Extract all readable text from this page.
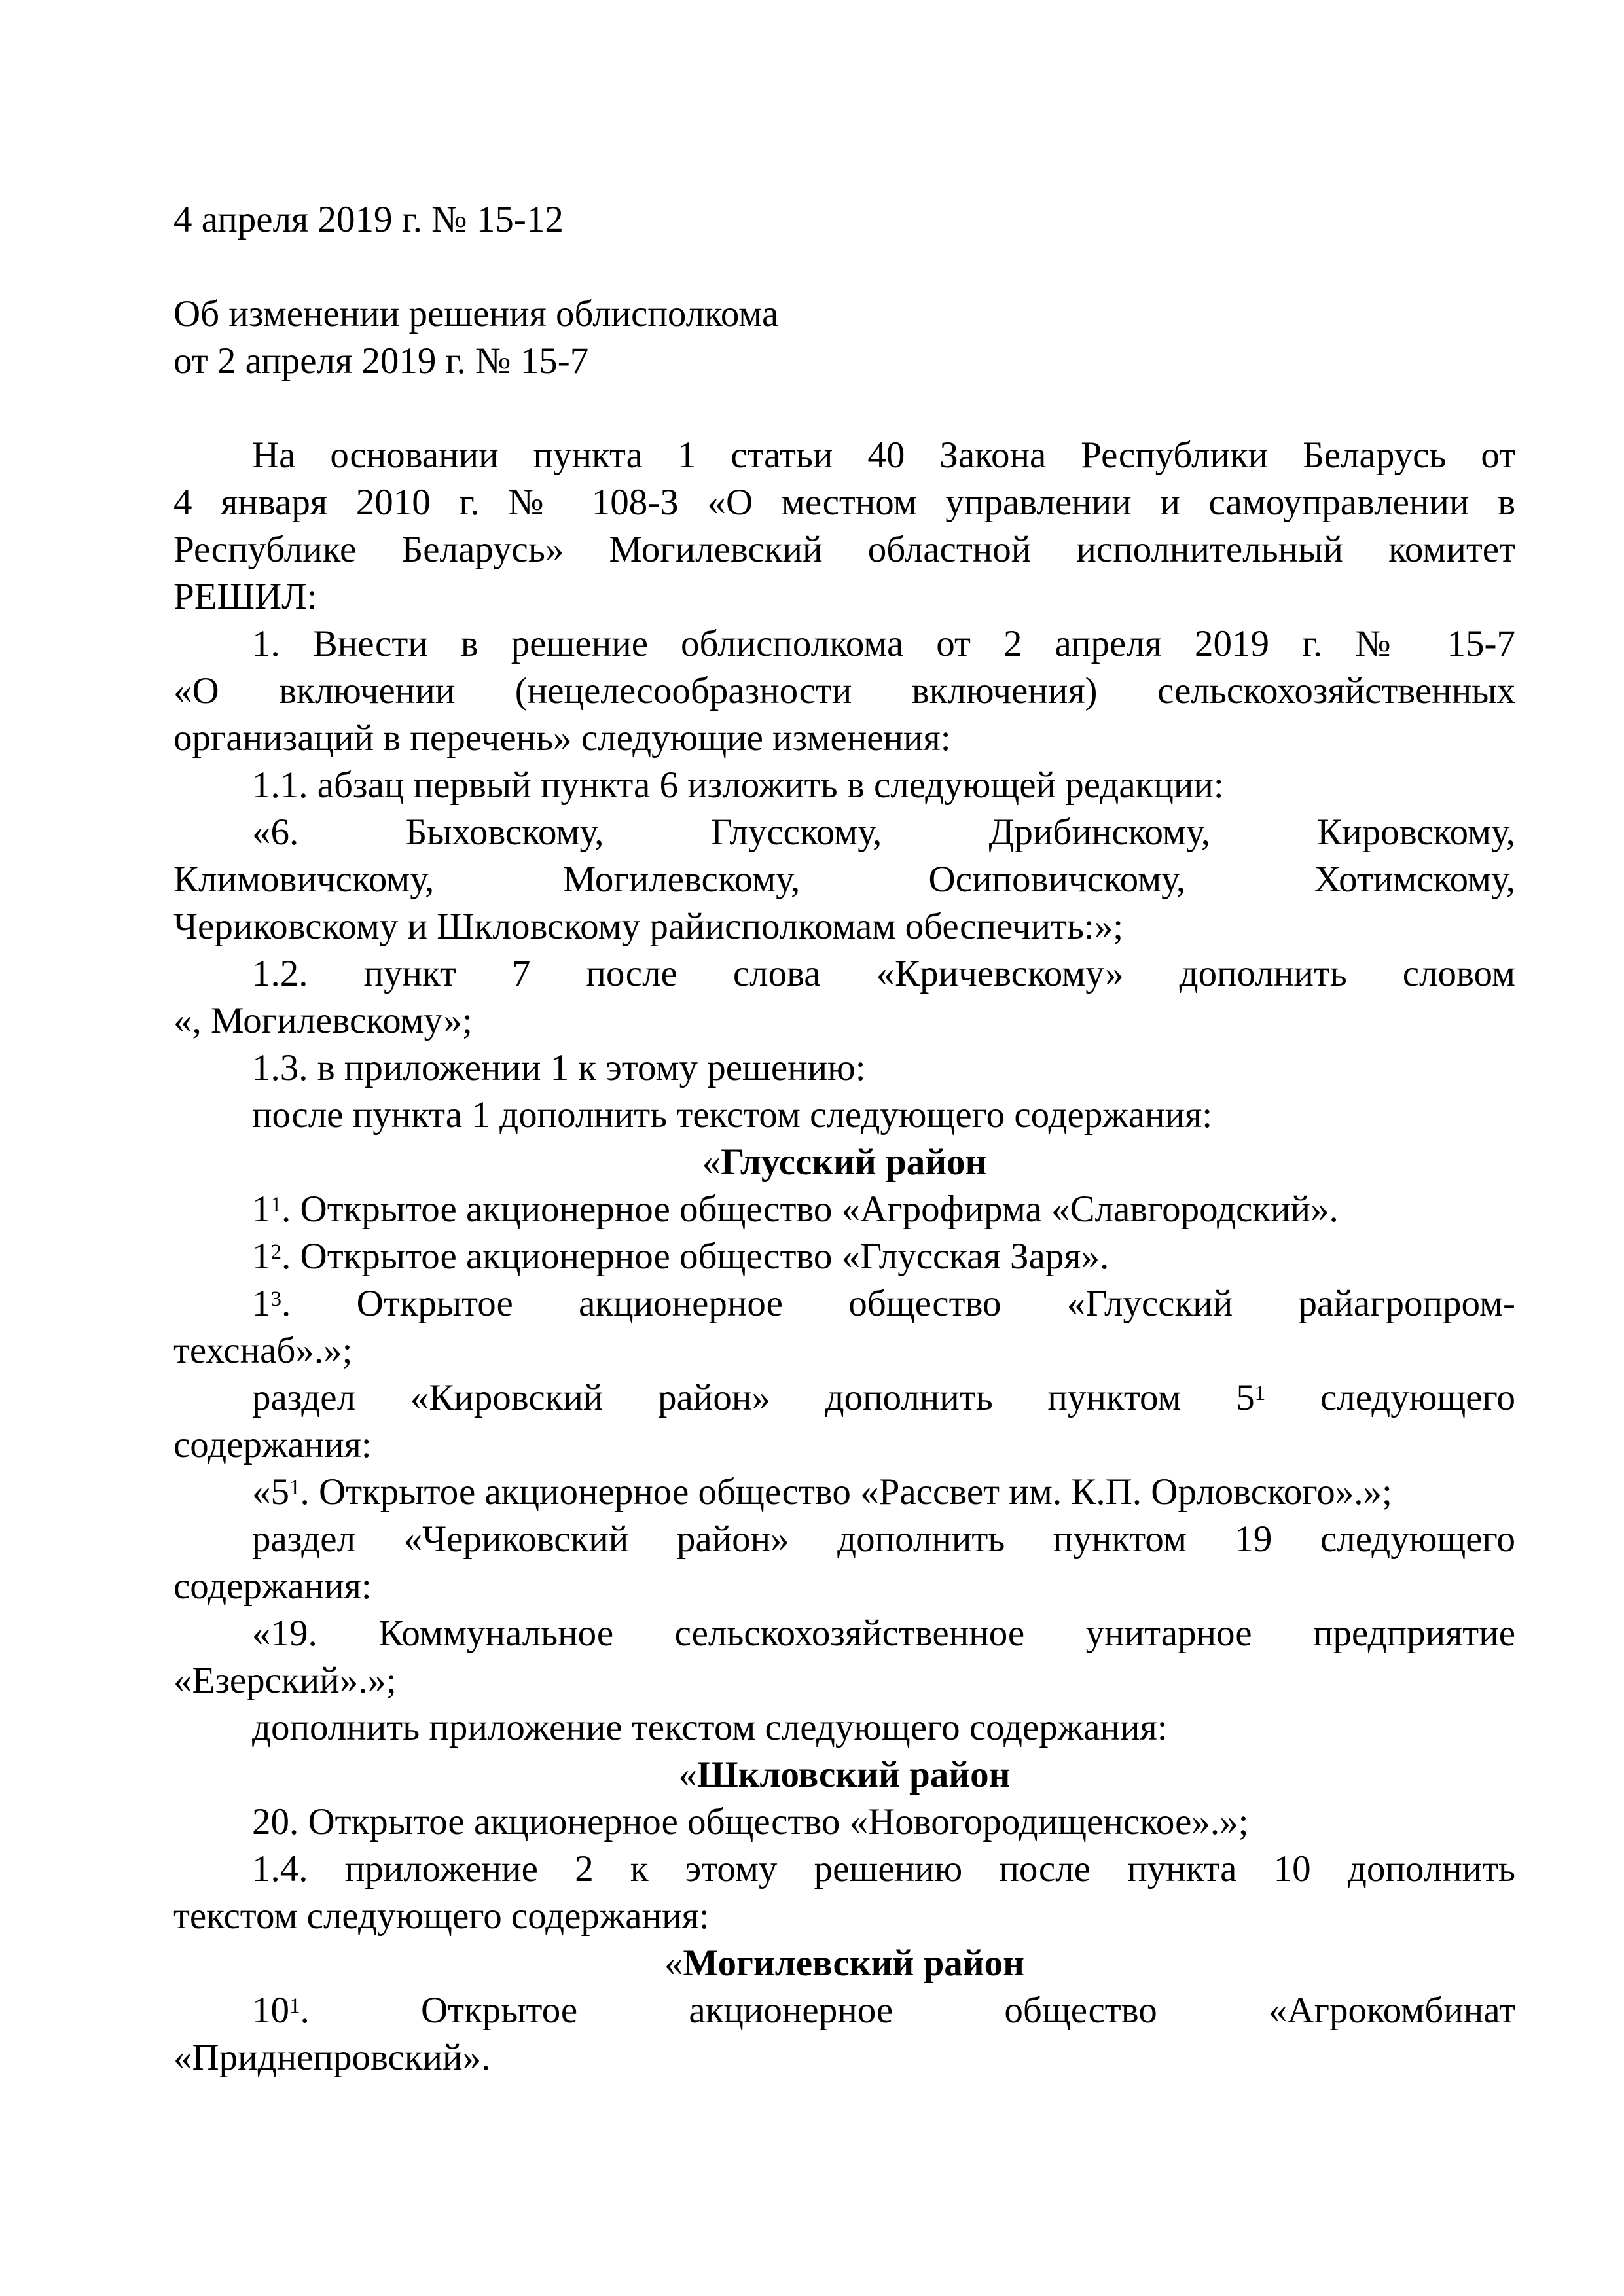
4 апреля 2019 г. № 15-12

Об изменении решения облисполкома
от 2 апреля 2019 г. № 15-7

На основании пункта 1 статьи 40 Закона Республики Беларусь от
4 января 2010 г. № 108-З «О местном управлении и самоуправлении в
Республике Беларусь» Могилевский областной исполнительный комитет
РЕШИЛ:
1. Внести в решение облисполкома от 2 апреля 2019 г. № 15-7
«О включении (нецелесообразности включения) сельскохозяйственных
организаций в перечень» следующие изменения:
1.1. абзац первый пункта 6 изложить в следующей редакции:
«6. Быховскому, Глусскому, Дрибинскому, Кировскому,
Климовичскому, Могилевскому, Осиповичскому, Хотимскому,
Чериковскому и Шкловскому райисполкомам обеспечить:»;
1.2. пункт 7 после слова «Кричевскому» дополнить словом
«, Могилевскому»;
1.3. в приложении 1 к этому решению:
после пункта 1 дополнить текстом следующего содержания:
«Глусский район
$1^1$. Открытое акционерное общество «Агрофирма «Славгородский».
$1^2$. Открытое акционерное общество «Глусская Заря».
$1^3$. Открытое акционерное общество «Глусский райагропром-
техснаб».»;
раздел «Кировский район» дополнить пунктом $5^1$ следующего
содержания:
«$5^1$. Открытое акционерное общество «Рассвет им. К.П. Орловского».»;
раздел «Чериковский район» дополнить пунктом 19 следующего
содержания:
«19. Коммунальное сельскохозяйственное унитарное предприятие
«Езерский».»;
дополнить приложение текстом следующего содержания:
«Шкловский район
20. Открытое акционерное общество «Новогородищенское».»;
1.4. приложение 2 к этому решению после пункта 10 дополнить
текстом следующего содержания:
«Могилевский район
$10^1$. Открытое акционерное общество «Агрокомбинат
«Приднепровский».
